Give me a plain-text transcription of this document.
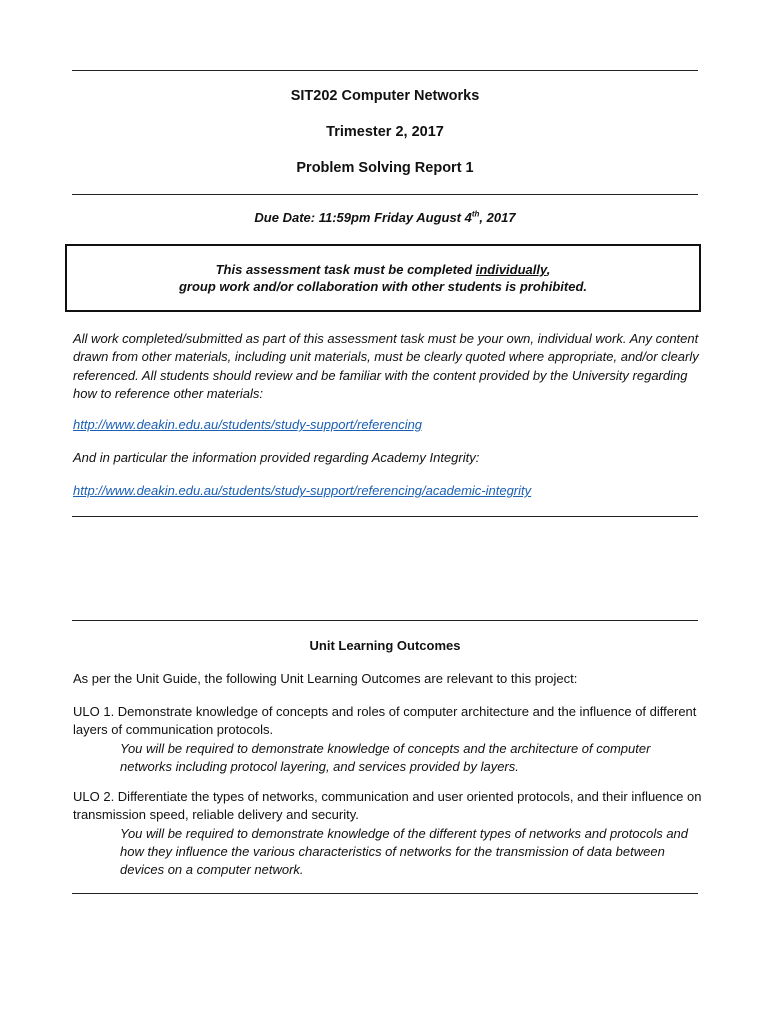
SIT202 Computer Networks
Trimester 2, 2017
Problem Solving Report 1
Due Date: 11:59pm Friday August 4th, 2017
This assessment task must be completed individually,
group work and/or collaboration with other students is prohibited.
All work completed/submitted as part of this assessment task must be your own, individual work. Any content drawn from other materials, including unit materials, must be clearly quoted where appropriate, and/or clearly referenced. All students should review and be familiar with the content provided by the University regarding how to reference other materials:
http://www.deakin.edu.au/students/study-support/referencing
And in particular the information provided regarding Academy Integrity:
http://www.deakin.edu.au/students/study-support/referencing/academic-integrity
Unit Learning Outcomes
As per the Unit Guide, the following Unit Learning Outcomes are relevant to this project:
ULO 1. Demonstrate knowledge of concepts and roles of computer architecture and the influence of different layers of communication protocols.
You will be required to demonstrate knowledge of concepts and the architecture of computer networks including protocol layering, and services provided by layers.
ULO 2. Differentiate the types of networks, communication and user oriented protocols, and their influence on transmission speed, reliable delivery and security.
You will be required to demonstrate knowledge of the different types of networks and protocols and how they influence the various characteristics of networks for the transmission of data between devices on a computer network.
